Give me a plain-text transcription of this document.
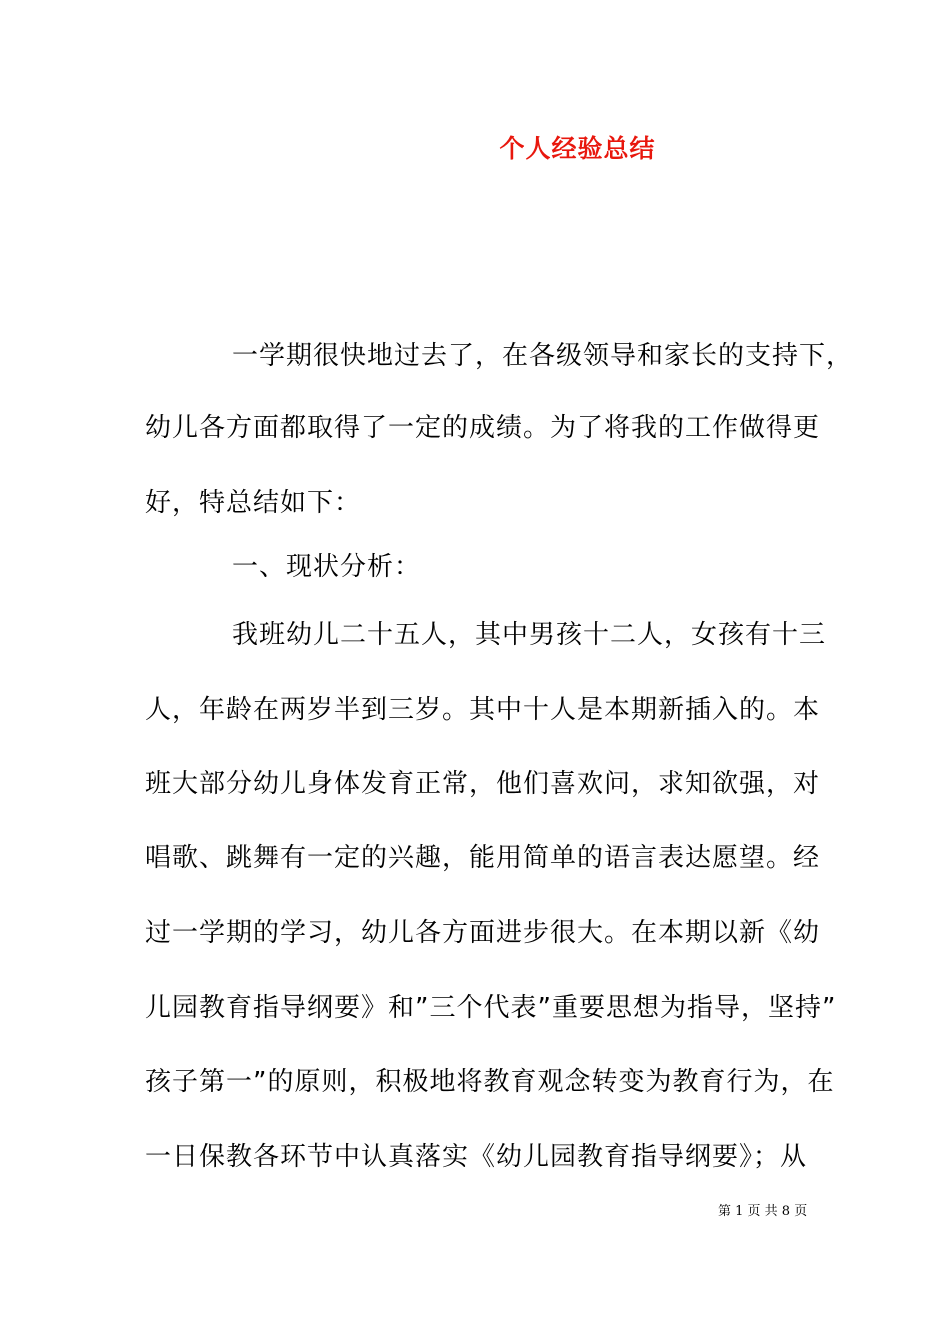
个人经验总结
一学期很快地过去了，在各级领导和家长的支持下，
幼儿各方面都取得了一定的成绩。为了将我的工作做得更
好，特总结如下：
一、现状分析：
我班幼儿二十五人，其中男孩十二人，女孩有十三
人，年龄在两岁半到三岁。其中十人是本期新插入的。本
班大部分幼儿身体发育正常，他们喜欢问，求知欲强，对
唱歌、跳舞有一定的兴趣，能用简单的语言表达愿望。经
过一学期的学习，幼儿各方面进步很大。在本期以新《幼
儿园教育指导纲要》和”三个代表”重要思想为指导，坚持”
孩子第一”的原则，积极地将教育观念转变为教育行为，在
一日保教各环节中认真落实《幼儿园教育指导纲要》；从
第 1 页 共 8 页
